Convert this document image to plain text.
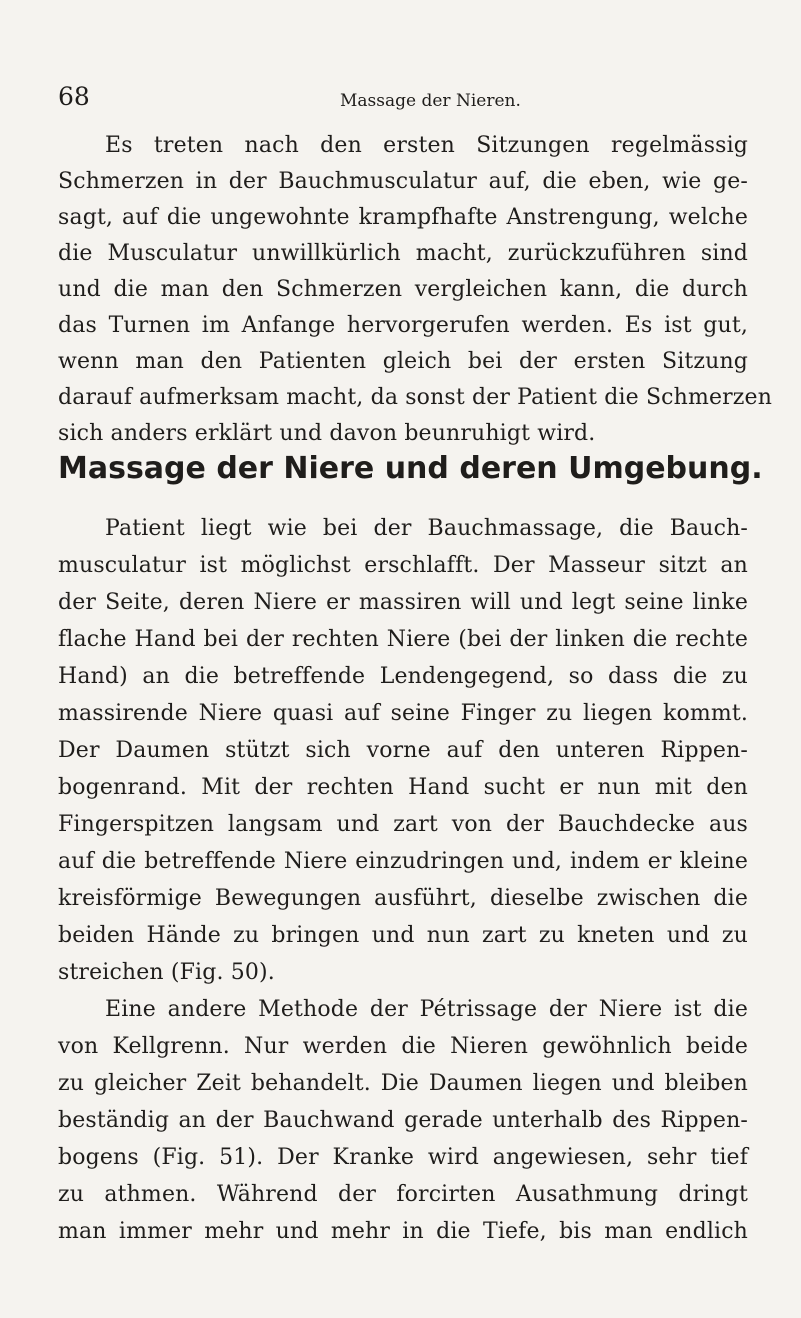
68	Massage der Nieren.
Es treten nach den ersten Sitzungen regelmässig
Schmerzen in der Bauchmusculatur auf, die eben, wie ge-
sagt, auf die ungewohnte krampfhafte Anstrengung, welche
die Musculatur unwillkürlich macht, zurückzuführen sind
und die man den Schmerzen vergleichen kann, die durch
das Turnen im Anfange hervorgerufen werden. Es ist gut,
wenn man den Patienten gleich bei der ersten Sitzung
darauf aufmerksam macht, da sonst der Patient die Schmerzen
sich anders erklärt und davon beunruhigt wird.
Massage der Niere und deren Umgebung.
Patient liegt wie bei der Bauchmassage, die Bauch-
musculatur ist möglichst erschlafft. Der Masseur sitzt an
der Seite, deren Niere er massiren will und legt seine linke
flache Hand bei der rechten Niere (bei der linken die rechte
Hand) an die betreffende Lendengegend, so dass die zu
massirende Niere quasi auf seine Finger zu liegen kommt.
Der Daumen stützt sich vorne auf den unteren Rippen-
bogenrand. Mit der rechten Hand sucht er nun mit den
Fingerspitzen langsam und zart von der Bauchdecke aus
auf die betreffende Niere einzudringen und, indem er kleine
kreisförmige Bewegungen ausführt, dieselbe zwischen die
beiden Hände zu bringen und nun zart zu kneten und zu
streichen (Fig. 50).
Eine andere Methode der Pétrissage der Niere ist die
von Kellgrenn. Nur werden die Nieren gewöhnlich beide
zu gleicher Zeit behandelt. Die Daumen liegen und bleiben
beständig an der Bauchwand gerade unterhalb des Rippen-
bogens (Fig. 51). Der Kranke wird angewiesen, sehr tief
zu athmen. Während der forcirten Ausathmung dringt
man immer mehr und mehr in die Tiefe, bis man endlich
